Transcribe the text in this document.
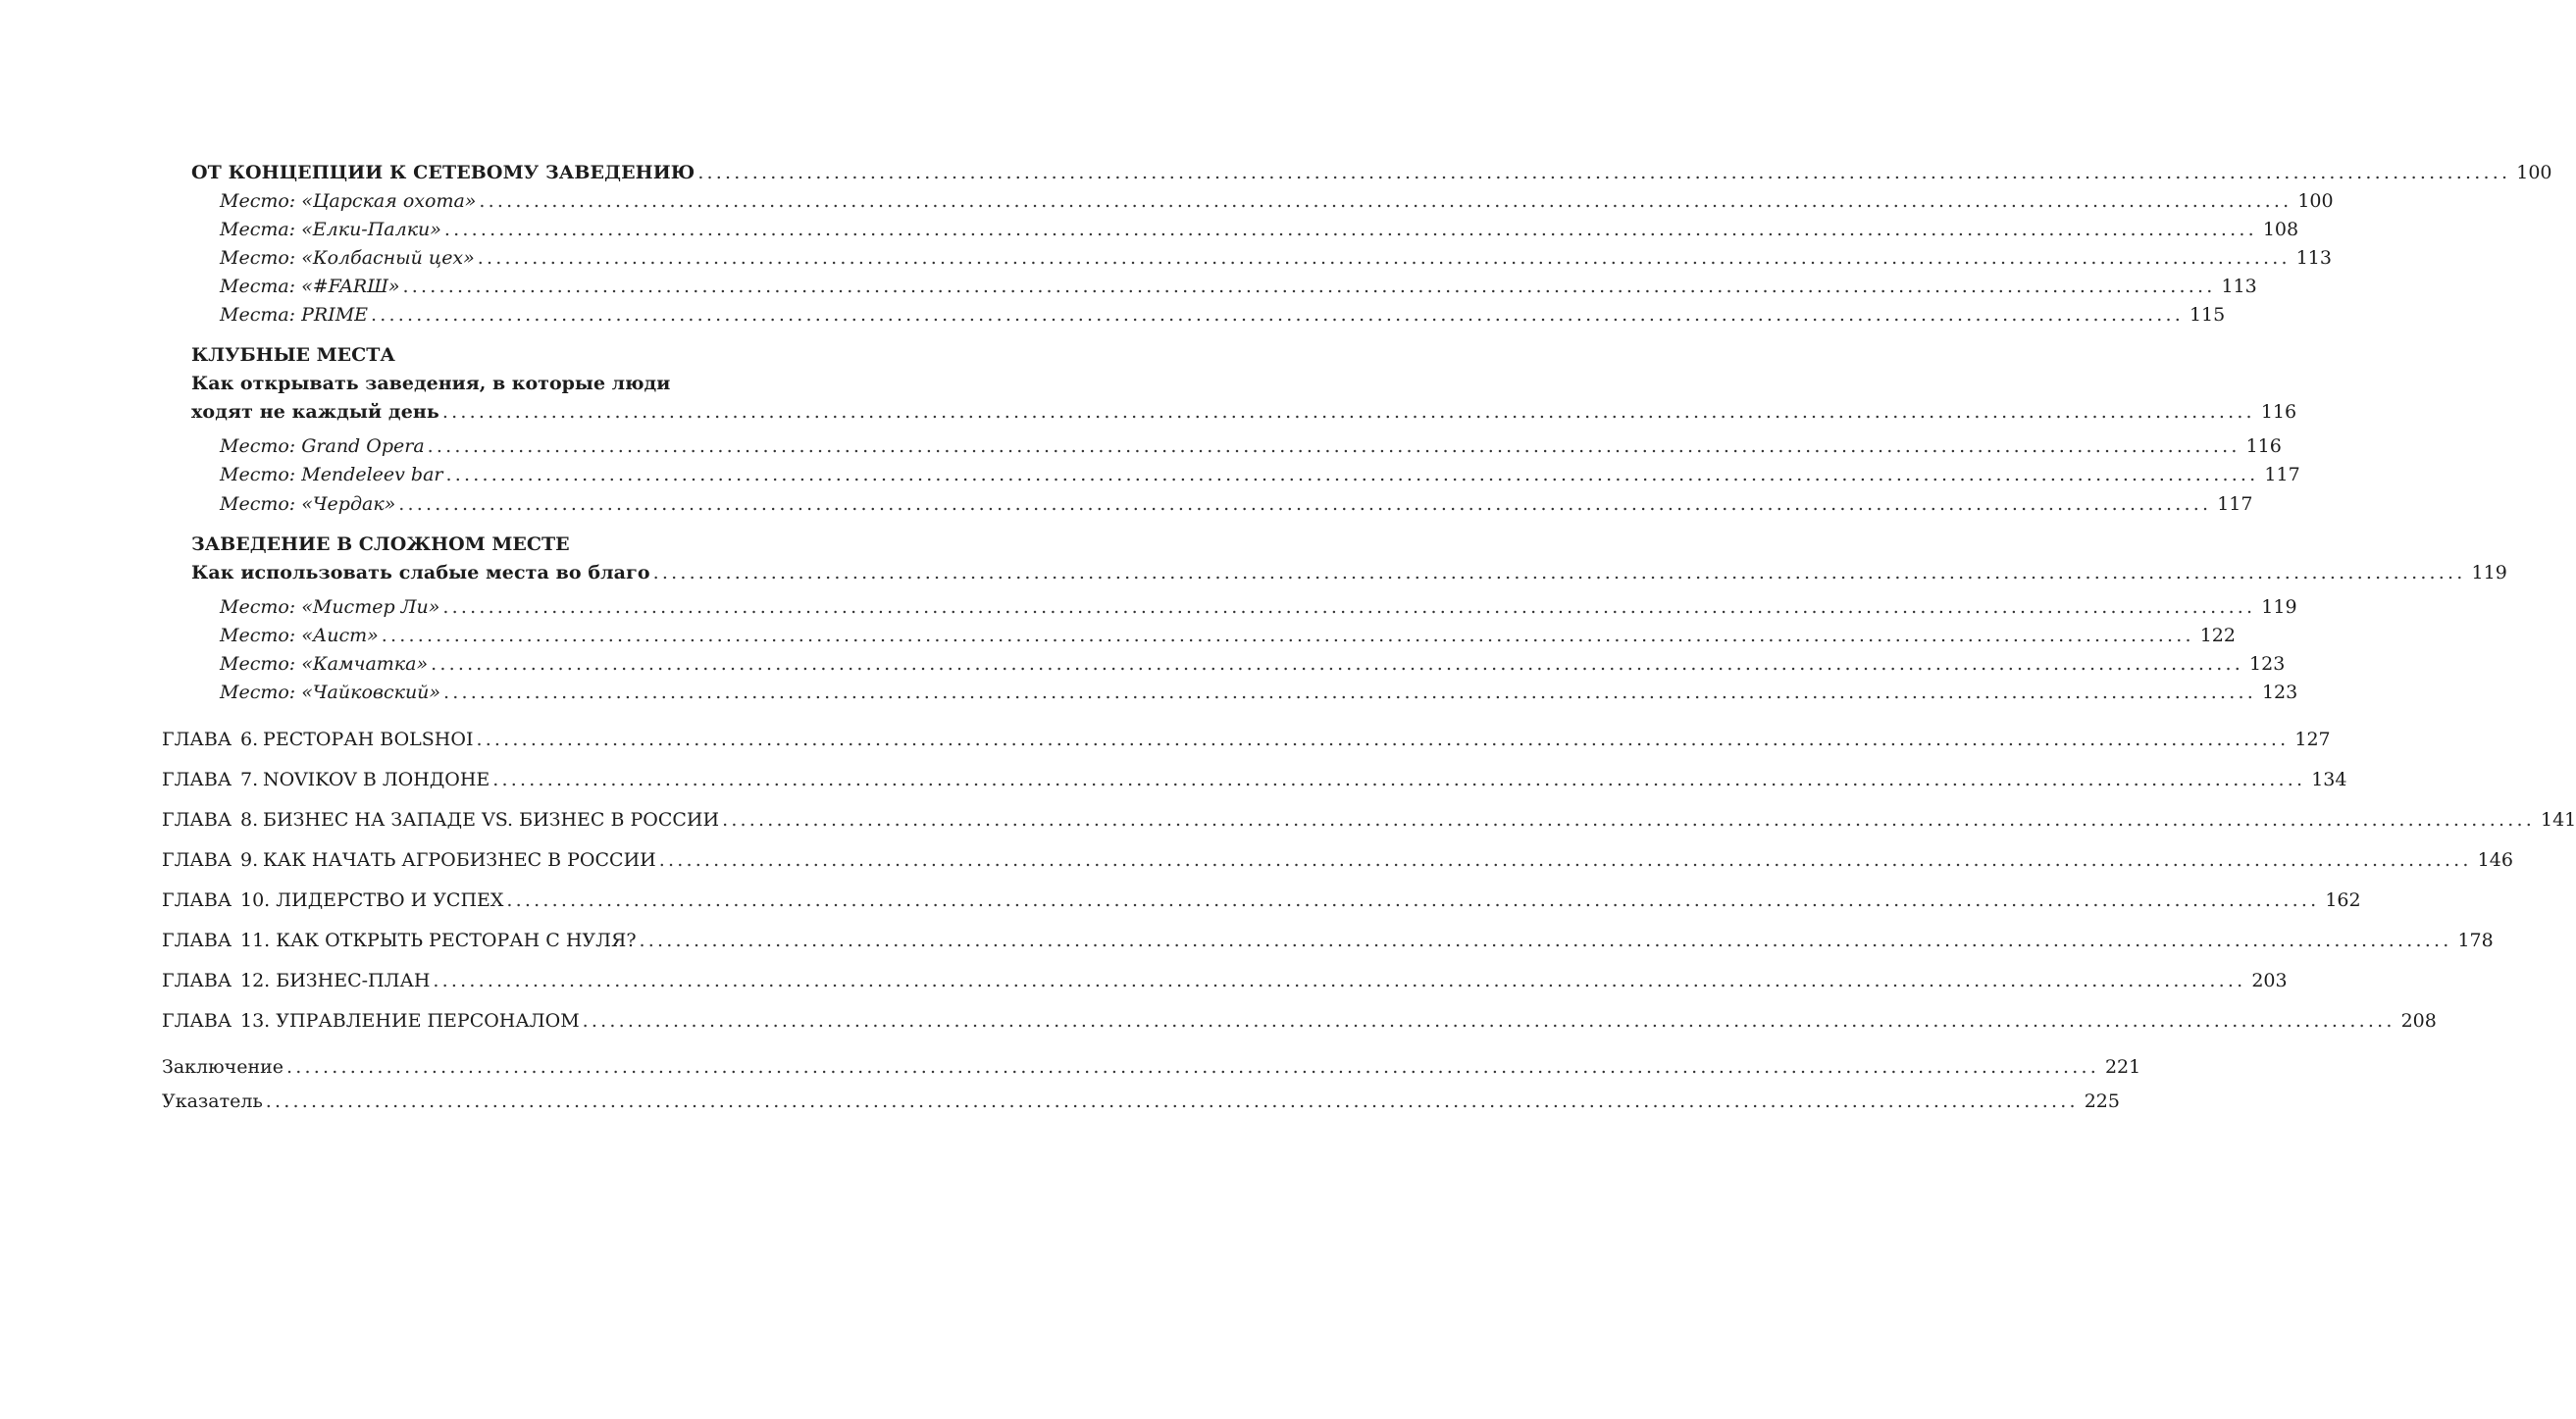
ОТ КОНЦЕПЦИИ К СЕТЕВОМУ ЗАВЕДЕНИЮ ........................................................................................................................................................................................................ 100
Место: «Царская охота» ........................................................................................................................................................................................................ 100
Места: «Елки-Палки» ........................................................................................................................................................................................................ 108
Место: «Колбасный цех» ........................................................................................................................................................................................................ 113
Места: «#FARШ» ........................................................................................................................................................................................................ 113
Места: PRIME ........................................................................................................................................................................................................ 115
КЛУБНЫЕ МЕСТА
Как открывать заведения, в которые люди
ходят не каждый день ........................................................................................................................................................................................................ 116
Место: Grand Opera ........................................................................................................................................................................................................ 116
Место: Mendeleev bar ........................................................................................................................................................................................................ 117
Место: «Чердак» ........................................................................................................................................................................................................ 117
ЗАВЕДЕНИЕ В СЛОЖНОМ МЕСТЕ
Как использовать слабые места во благо ........................................................................................................................................................................................................ 119
Место: «Мистер Ли» ........................................................................................................................................................................................................ 119
Место: «Аист» ........................................................................................................................................................................................................ 122
Место: «Камчатка» ........................................................................................................................................................................................................ 123
Место: «Чайковский» ........................................................................................................................................................................................................ 123
ГЛАВА 6. РЕСТОРАН BOLSHOI ........................................................................................................................................................................................................ 127
ГЛАВА 7. NOVIKOV В ЛОНДОНЕ ........................................................................................................................................................................................................ 134
ГЛАВА 8. БИЗНЕС НА ЗАПАДЕ VS. БИЗНЕС В РОССИИ ........................................................................................................................................................................................................ 141
ГЛАВА 9. КАК НАЧАТЬ АГРОБИЗНЕС В РОССИИ ........................................................................................................................................................................................................ 146
ГЛАВА 10. ЛИДЕРСТВО И УСПЕХ ........................................................................................................................................................................................................ 162
ГЛАВА 11. КАК ОТКРЫТЬ РЕСТОРАН С НУЛЯ? ........................................................................................................................................................................................................ 178
ГЛАВА 12. БИЗНЕС-ПЛАН ........................................................................................................................................................................................................ 203
ГЛАВА 13. УПРАВЛЕНИЕ ПЕРСОНАЛОМ ........................................................................................................................................................................................................ 208
Заключение ........................................................................................................................................................................................................ 221
Указатель ........................................................................................................................................................................................................ 225
